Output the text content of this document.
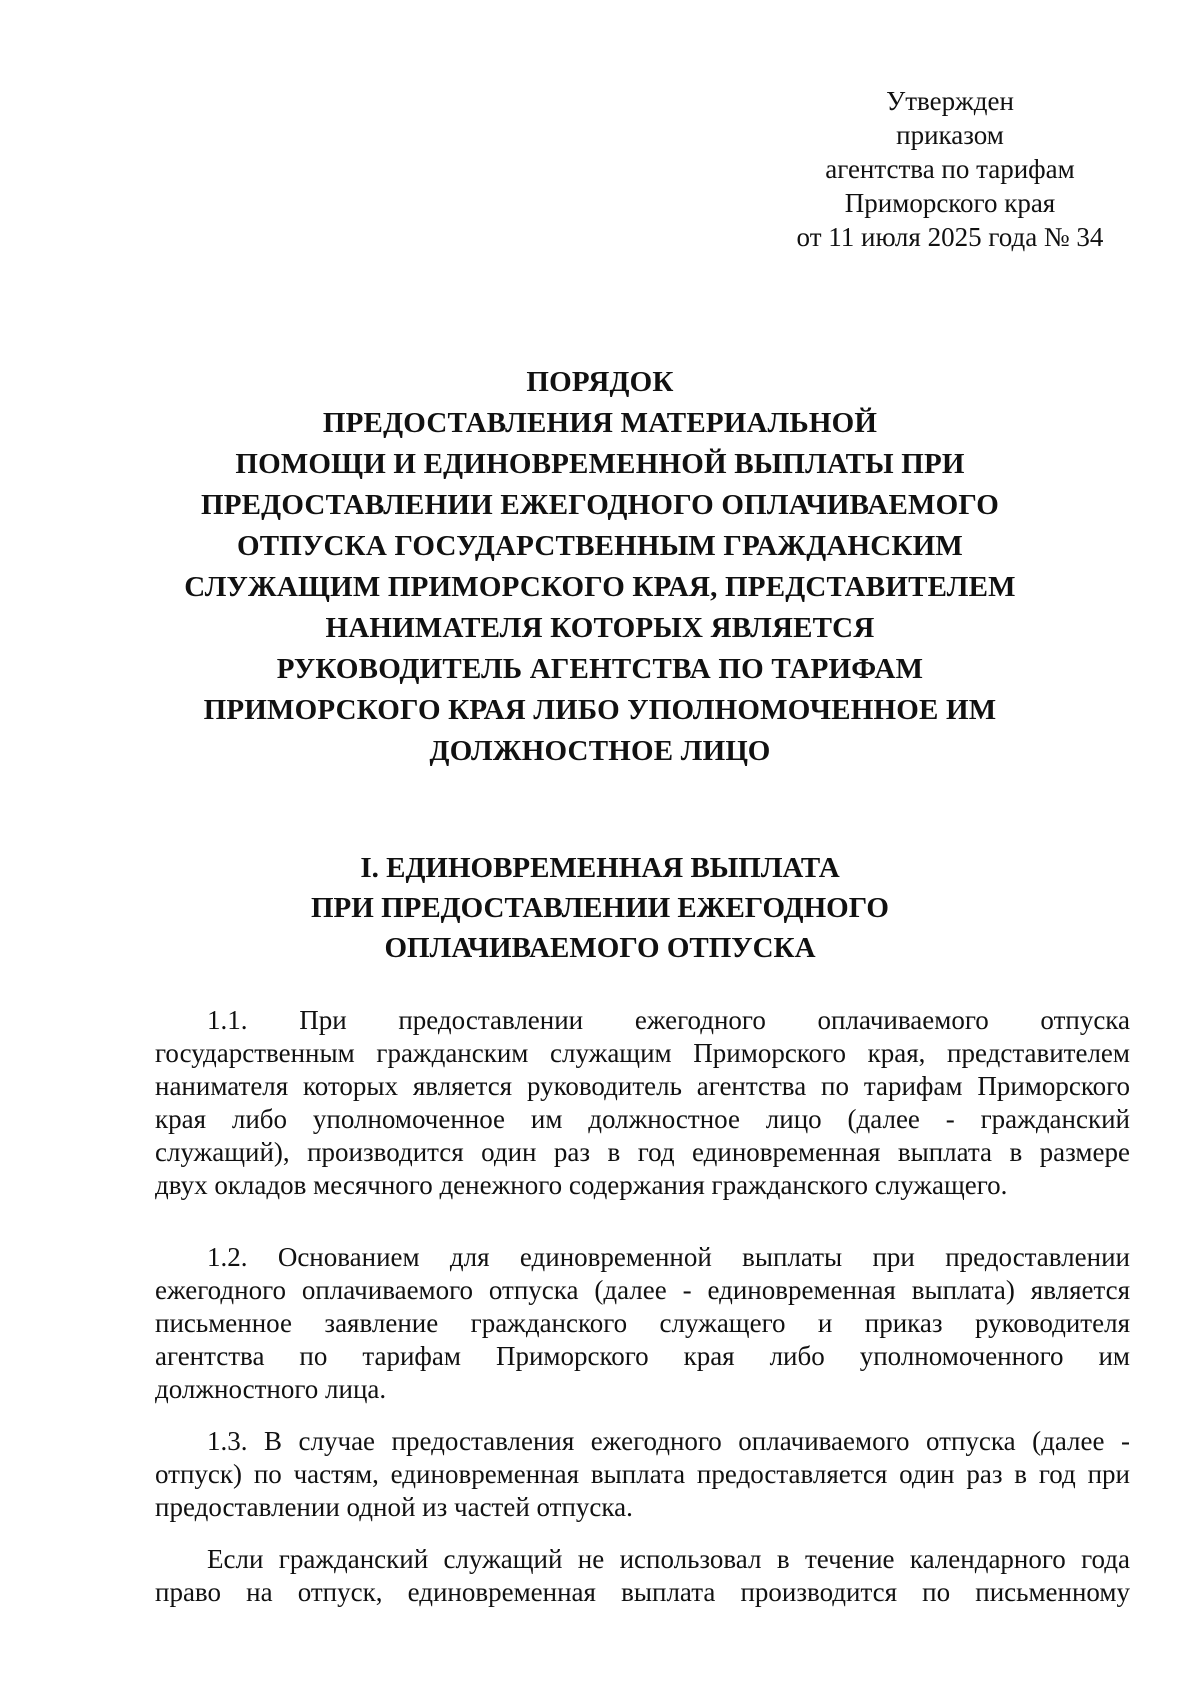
Утвержден
приказом
агентства по тарифам
Приморского края
от 11 июля 2025 года № 34
ПОРЯДОК
ПРЕДОСТАВЛЕНИЯ МАТЕРИАЛЬНОЙ
ПОМОЩИ И ЕДИНОВРЕМЕННОЙ ВЫПЛАТЫ ПРИ
ПРЕДОСТАВЛЕНИИ ЕЖЕГОДНОГО ОПЛАЧИВАЕМОГО
ОТПУСКА ГОСУДАРСТВЕННЫМ ГРАЖДАНСКИМ
СЛУЖАЩИМ ПРИМОРСКОГО КРАЯ, ПРЕДСТАВИТЕЛЕМ
НАНИМАТЕЛЯ КОТОРЫХ ЯВЛЯЕТСЯ
РУКОВОДИТЕЛЬ АГЕНТСТВА ПО ТАРИФАМ
ПРИМОРСКОГО КРАЯ ЛИБО УПОЛНОМОЧЕННОЕ ИМ
ДОЛЖНОСТНОЕ ЛИЦО
I. ЕДИНОВРЕМЕННАЯ ВЫПЛАТА
ПРИ ПРЕДОСТАВЛЕНИИ ЕЖЕГОДНОГО
ОПЛАЧИВАЕМОГО ОТПУСКА

1.1. При предоставлении ежегодного оплачиваемого отпуска
государственным гражданским служащим Приморского края, представителем
нанимателя которых является руководитель агентства по тарифам Приморского
края либо уполномоченное им должностное лицо (далее - гражданский
служащий), производится один раз в год единовременная выплата в размере
двух окладов месячного денежного содержания гражданского служащего.

1.2. Основанием для единовременной выплаты при предоставлении
ежегодного оплачиваемого отпуска (далее - единовременная выплата) является
письменное заявление гражданского служащего и приказ руководителя
агентства по тарифам Приморского края либо уполномоченного им
должностного лица.

1.3. В случае предоставления ежегодного оплачиваемого отпуска (далее -
отпуск) по частям, единовременная выплата предоставляется один раз в год при
предоставлении одной из частей отпуска.

Если гражданский служащий не использовал в течение календарного года
право на отпуск, единовременная выплата производится по письменному
